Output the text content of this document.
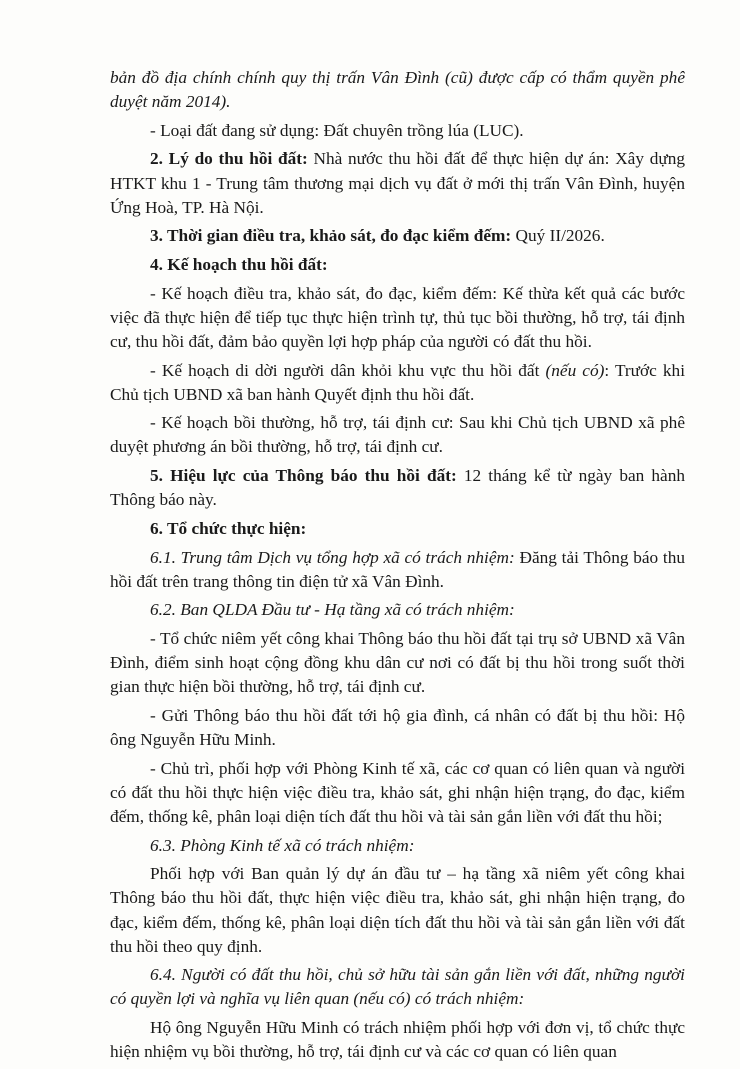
bản đồ địa chính chính quy thị trấn Vân Đình (cũ) được cấp có thẩm quyền phê duyệt năm 2014).

- Loại đất đang sử dụng: Đất chuyên trồng lúa (LUC).

2. Lý do thu hồi đất: Nhà nước thu hồi đất để thực hiện dự án: Xây dựng HTKT khu 1 - Trung tâm thương mại dịch vụ đất ở mới thị trấn Vân Đình, huyện Ứng Hoà, TP. Hà Nội.

3. Thời gian điều tra, khảo sát, đo đạc kiểm đếm: Quý II/2026.

4. Kế hoạch thu hồi đất:

- Kế hoạch điều tra, khảo sát, đo đạc, kiểm đếm: Kế thừa kết quả các bước việc đã thực hiện để tiếp tục thực hiện trình tự, thủ tục bồi thường, hỗ trợ, tái định cư, thu hồi đất, đảm bảo quyền lợi hợp pháp của người có đất thu hồi.

- Kế hoạch di dời người dân khỏi khu vực thu hồi đất (nếu có): Trước khi Chủ tịch UBND xã ban hành Quyết định thu hồi đất.

- Kế hoạch bồi thường, hỗ trợ, tái định cư: Sau khi Chủ tịch UBND xã phê duyệt phương án bồi thường, hỗ trợ, tái định cư.

5. Hiệu lực của Thông báo thu hồi đất: 12 tháng kể từ ngày ban hành Thông báo này.

6. Tổ chức thực hiện:

6.1. Trung tâm Dịch vụ tổng hợp xã có trách nhiệm: Đăng tải Thông báo thu hồi đất trên trang thông tin điện tử xã Vân Đình.

6.2. Ban QLDA Đầu tư - Hạ tầng xã có trách nhiệm:

- Tổ chức niêm yết công khai Thông báo thu hồi đất tại trụ sở UBND xã Vân Đình, điểm sinh hoạt cộng đồng khu dân cư nơi có đất bị thu hồi trong suốt thời gian thực hiện bồi thường, hỗ trợ, tái định cư.

- Gửi Thông báo thu hồi đất tới hộ gia đình, cá nhân có đất bị thu hồi: Hộ ông Nguyễn Hữu Minh.

- Chủ trì, phối hợp với Phòng Kinh tế xã, các cơ quan có liên quan và người có đất thu hồi thực hiện việc điều tra, khảo sát, ghi nhận hiện trạng, đo đạc, kiểm đếm, thống kê, phân loại diện tích đất thu hồi và tài sản gắn liền với đất thu hồi;

6.3. Phòng Kinh tế xã có trách nhiệm:

Phối hợp với Ban quản lý dự án đầu tư – hạ tầng xã niêm yết công khai Thông báo thu hồi đất, thực hiện việc điều tra, khảo sát, ghi nhận hiện trạng, đo đạc, kiểm đếm, thống kê, phân loại diện tích đất thu hồi và tài sản gắn liền với đất thu hồi theo quy định.

6.4. Người có đất thu hồi, chủ sở hữu tài sản gắn liền với đất, những người có quyền lợi và nghĩa vụ liên quan (nếu có) có trách nhiệm:

Hộ ông Nguyễn Hữu Minh có trách nhiệm phối hợp với đơn vị, tổ chức thực hiện nhiệm vụ bồi thường, hỗ trợ, tái định cư và các cơ quan có liên quan
